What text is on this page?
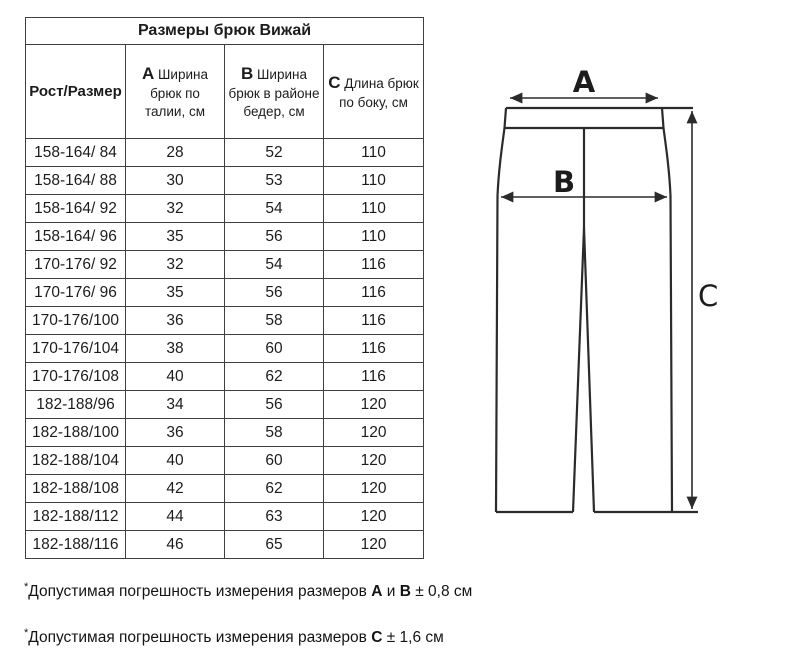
Размеры брюк Вижай			
Рост/Размер	A Ширина брюк по талии, см	B Ширина брюк в районе бедер, см	C Длина брюк по боку, см
158-164/ 84	28	52	110
158-164/ 88	30	53	110
158-164/ 92	32	54	110
158-164/ 96	35	56	110
170-176/ 92	32	54	116
170-176/ 96	35	56	116
170-176/100	36	58	116
170-176/104	38	60	116
170-176/108	40	62	116
182-188/96	34	56	120
182-188/100	36	58	120
182-188/104	40	60	120
182-188/108	42	62	120
182-188/112	44	63	120
182-188/116	46	65	120

*Допустимая погрешность измерения размеров A и B ± 0,8 см

*Допустимая погрешность измерения размеров C ± 1,6 см

A
B
C
